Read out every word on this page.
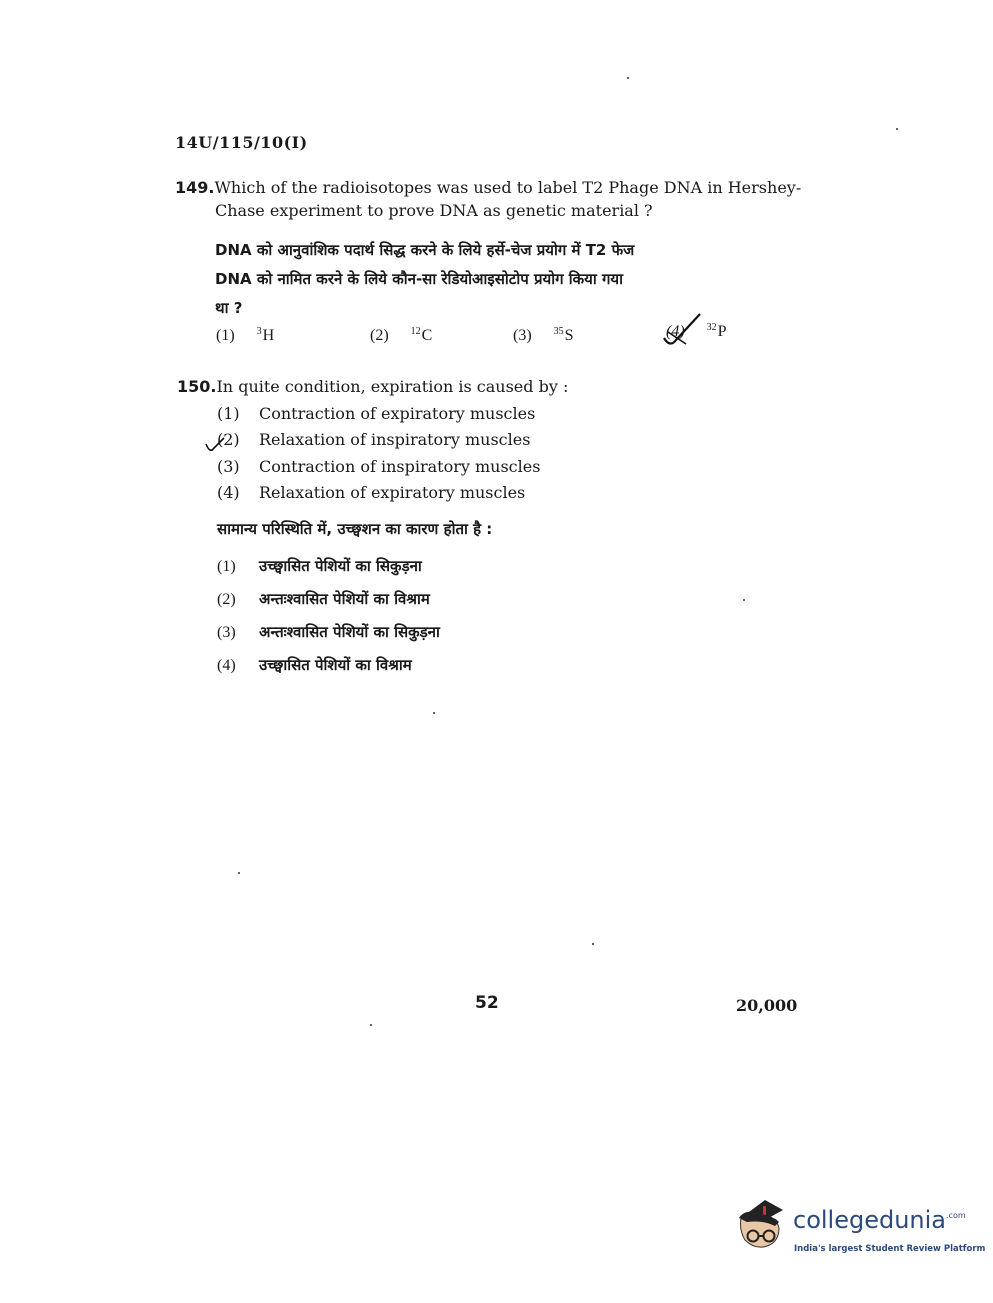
14U/115/10(I)
149.Which of the radioisotopes was used to label T2 Phage DNA in Hershey-
Chase experiment to prove DNA as genetic material ?
DNA को आनुवांशिक पदार्थ सिद्ध करने के लिये हर्से-चेज प्रयोग में T2 फेज
DNA को नामित करने के लिये कौन-सा रेडियोआइसोटोप प्रयोग किया गया
था ?
(1) $^3$H	(2) $^{12}$C	(3) $^{35}$S	(4) $^{32}$P
150.In quite condition, expiration is caused by :
(1) Contraction of expiratory muscles
(2) Relaxation of inspiratory muscles
(3) Contraction of inspiratory muscles
(4) Relaxation of expiratory muscles
सामान्य परिस्थिति में, उच्छ्वशन का कारण होता है :
(1) उच्छ्वासित पेशियों का सिकुड़ना
(2) अन्तःश्वासित पेशियों का विश्राम
(3) अन्तःश्वासित पेशियों का सिकुड़ना
(4) उच्छ्वासित पेशियों का विश्राम
52	20,000
collegedunia$^{.com}$
India's largest Student Review Platform
